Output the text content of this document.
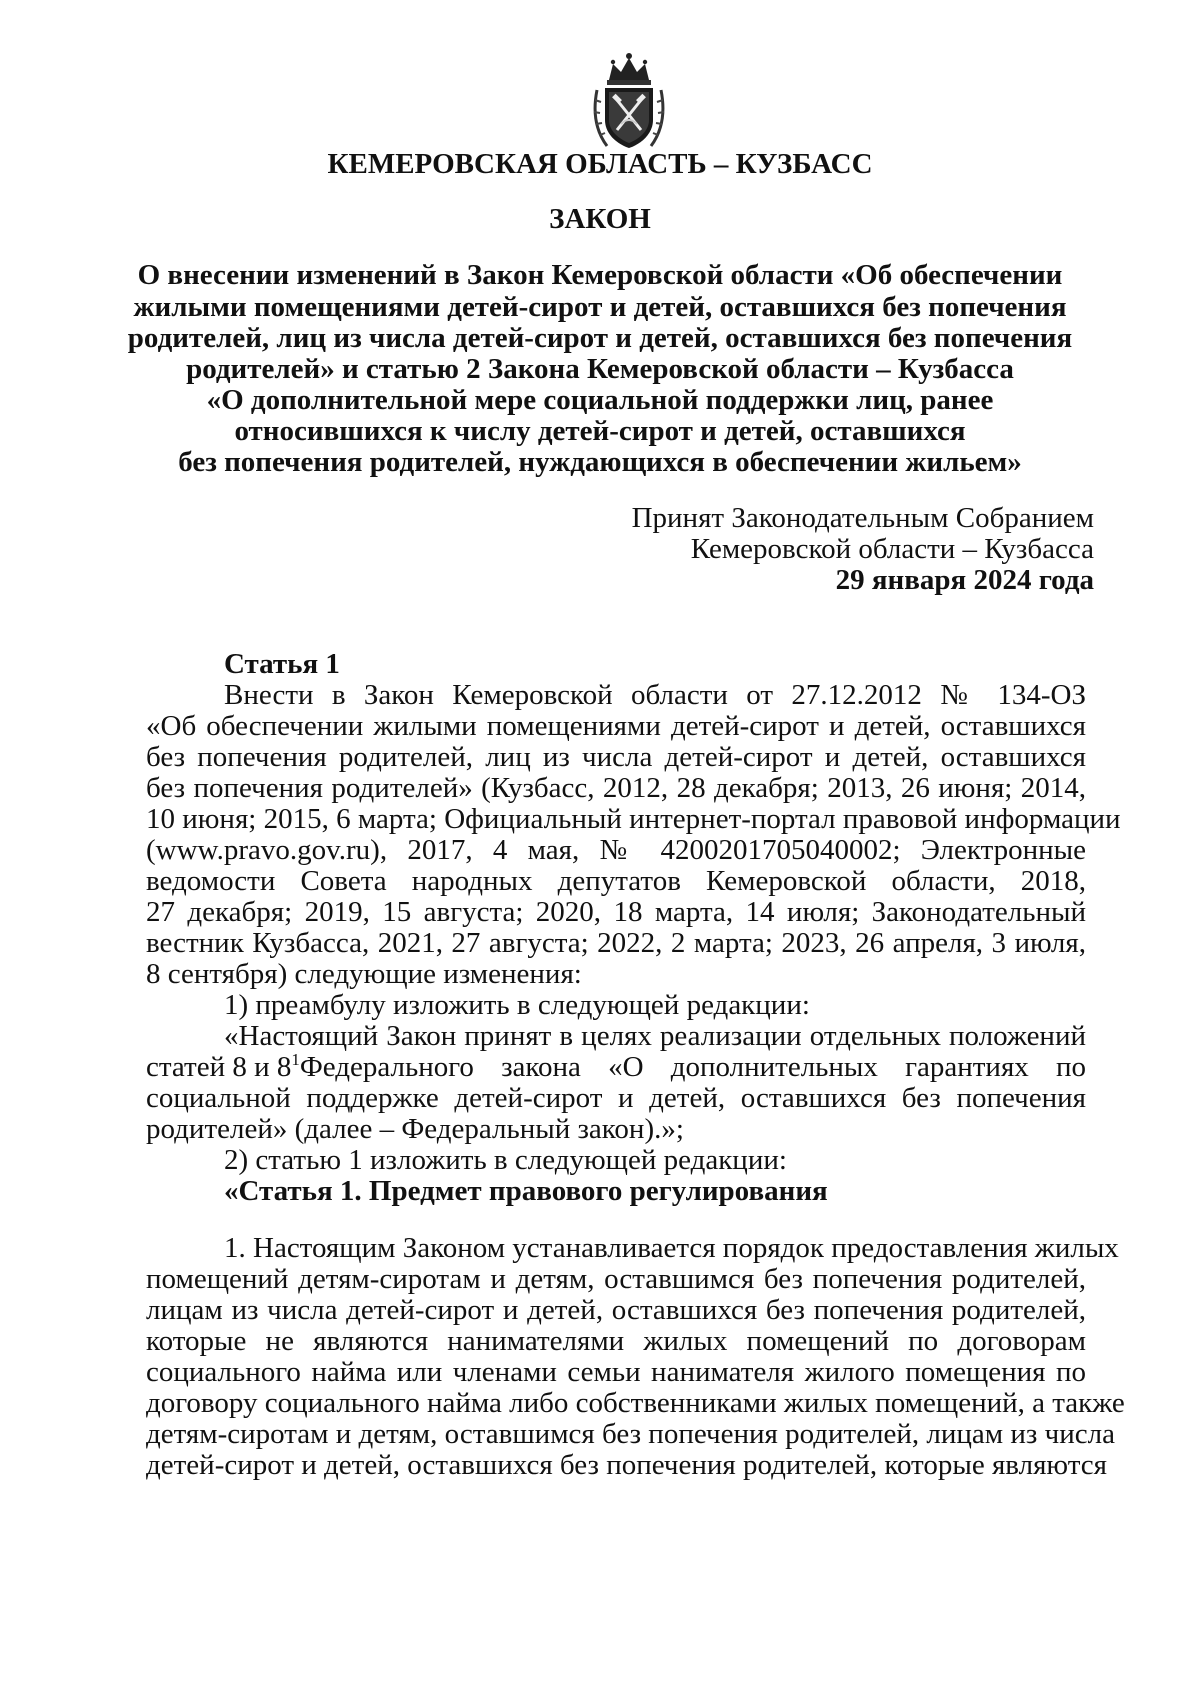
КЕМЕРОВСКАЯ ОБЛАСТЬ – КУЗБАСС

ЗАКОН

О внесении изменений в Закон Кемеровской области «Об обеспечении

жилыми помещениями детей-сирот и детей, оставшихся без попечения

родителей, лиц из числа детей-сирот и детей, оставшихся без попечения

родителей» и статью 2 Закона Кемеровской области – Кузбасса

«О дополнительной мере социальной поддержки лиц, ранее

относившихся к числу детей-сирот и детей, оставшихся

без попечения родителей, нуждающихся в обеспечении жильем»

Принят Законодательным Собранием

Кемеровской области – Кузбасса

29 января 2024 года

Статья 1

Внести в Закон Кемеровской области от 27.12.2012 № 134-ОЗ

«Об обеспечении жилыми помещениями детей-сирот и детей, оставшихся

без попечения родителей, лиц из числа детей-сирот и детей, оставшихся

без попечения родителей» (Кузбасс, 2012, 28 декабря; 2013, 26 июня; 2014,

10 июня; 2015, 6 марта; Официальный интернет-портал правовой информации

(www.pravo.gov.ru), 2017, 4 мая, № 4200201705040002; Электронные

ведомости Совета народных депутатов Кемеровской области, 2018,

27 декабря; 2019, 15 августа; 2020, 18 марта, 14 июля; Законодательный

вестник Кузбасса, 2021, 27 августа; 2022, 2 марта; 2023, 26 апреля, 3 июля,

8 сентября) следующие изменения:

1) преамбулу изложить в следующей редакции:

«Настоящий Закон принят в целях реализации отдельных положений

статей 8 и $8^1$ Федерального закона «О дополнительных гарантиях по

социальной поддержке детей-сирот и детей, оставшихся без попечения

родителей» (далее – Федеральный закон).»;

2) статью 1 изложить в следующей редакции:

«Статья 1. Предмет правового регулирования

1. Настоящим Законом устанавливается порядок предоставления жилых

помещений детям-сиротам и детям, оставшимся без попечения родителей,

лицам из числа детей-сирот и детей, оставшихся без попечения родителей,

которые не являются нанимателями жилых помещений по договорам

социального найма или членами семьи нанимателя жилого помещения по

договору социального найма либо собственниками жилых помещений, а также

детям-сиротам и детям, оставшимся без попечения родителей, лицам из числа

детей-сирот и детей, оставшихся без попечения родителей, которые являются
